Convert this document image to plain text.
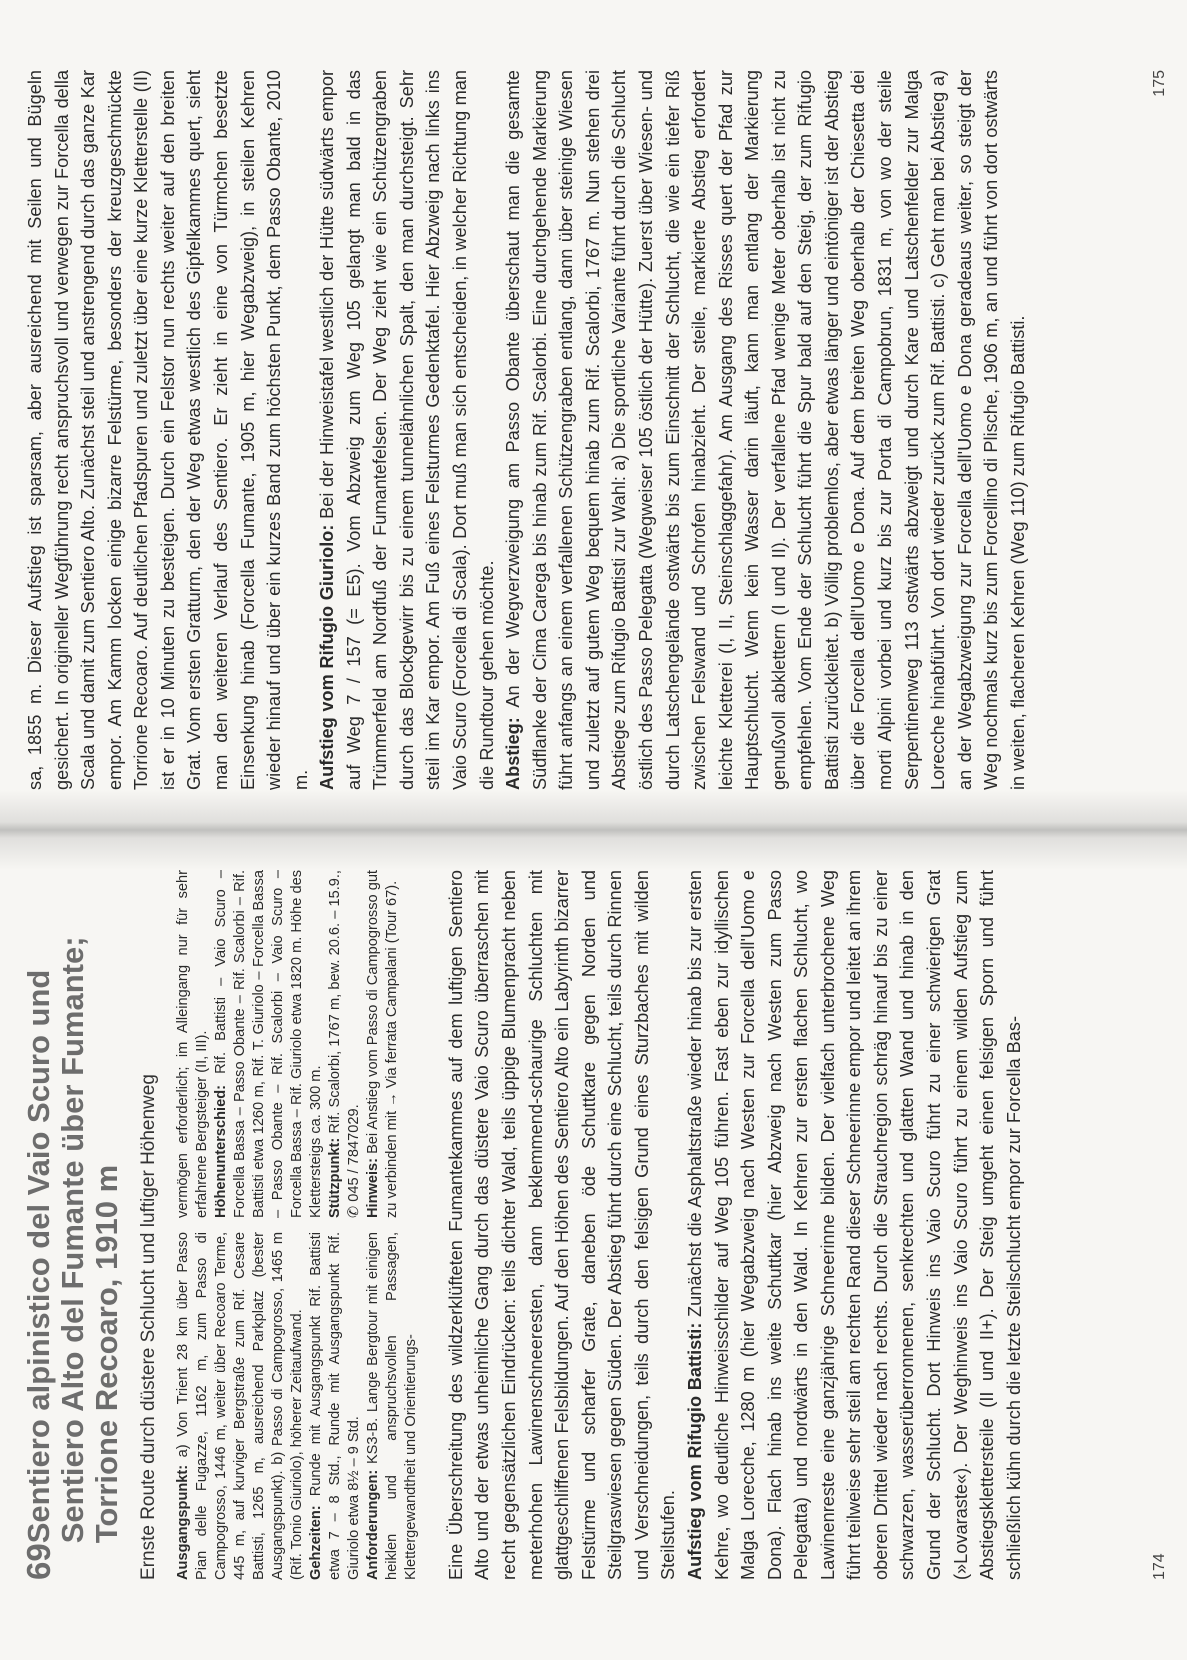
69
Sentiero alpinistico del Vaio Scuro und Sentiero Alto del Fumante über Fumante; Torrione Recoaro, 1910 m Ernste Route durch düstere Schlucht und luftiger Höhenweg Ausgangspunkt: a) Von Trient 28 km über Passo Pian delle Fugazze, 1162 m, zum Passo di Campogrosso, 1446 m, weiter über Recoaro Terme, 445 m, auf kurviger Bergstraße zum Rif. Cesare Battisti, 1265 m, ausreichend Parkplatz (bester Ausgangspunkt). b) Passo di Campogrosso, 1465 m (Rif. Tonio Giuriolo), höherer Zeitaufwand. Gehzeiten: Runde mit Ausgangspunkt Rif. Battisti etwa 7 – 8 Std., Runde mit Ausgangspunkt Rif. Giuriolo etwa 8½ – 9 Std. Anforderungen: KS3-B. Lange Bergtour mit einigen heiklen und anspruchsvollen Passagen, Klettergewandtheit und Orientierungs-

vermögen erforderlich; im Alleingang nur für sehr erfahrene Bergsteiger (II, III). Höhenunterschied: Rif. Battisti – Vaio Scuro – Forcella Bassa – Passo Obante – Rif. Scalorbi – Rif. Battisti etwa 1260 m, Rif. T. Giuriolo – Forcella Bassa – Passo Obante – Rif. Scalorbi – Vaio Scuro – Forcella Bassa – Rif. Giuriolo etwa 1820 m. Höhe des Klettersteigs ca. 300 m. Stützpunkt: Rif. Scalorbi, 1767 m, bew. 20.6. – 15.9., ✆ 045 / 7847029. Hinweis: Bei Anstieg vom Passo di Campogrosso gut zu verbinden mit → Via ferrata Campalani (Tour 67).	Eine Überschreitung des wildzerklüfteten Fumantekammes auf dem luftigen Sentiero Alto und der etwas unheimliche Gang durch das düstere Vaio Scuro überraschen mit recht gegensätzlichen Eindrücken: teils dichter Wald, teils üppige Blumenpracht neben meterhohen Lawinenschneeresten, dann beklemmend-schaurige Schluchten mit glattgeschliffenen Felsbildungen. Auf den Höhen des Sentiero Alto ein Labyrinth bizarrer Felstürme und scharfer Grate, daneben öde Schuttkare gegen Norden und Steilgraswiesen gegen Süden. Der Abstieg führt durch eine Schlucht, teils durch Rinnen und Verschneidungen, teils durch den felsigen Grund eines Sturzbaches mit wilden Steilstufen. Aufstieg vom Rifugio Battisti: Zunächst die Asphaltstraße wieder hinab bis zur ersten Kehre, wo deutliche Hinweisschilder auf Weg 105 führen. Fast eben zur idyllischen Malga Lorecche, 1280 m (hier Wegabzweig nach Westen zur Forcella dell'Uomo e Dona). Flach hinab ins weite Schuttkar (hier Abzweig nach Westen zum Passo Pelegatta) und nordwärts in den Wald. In Kehren zur ersten flachen Schlucht, wo Lawinenreste eine ganzjährige Schneerinne bilden. Der vielfach unterbrochene Weg führt teilweise sehr steil am rechten Rand dieser Schneerinne empor und leitet an ihrem oberen Drittel wieder nach rechts. Durch die Strauchregion schräg hinauf bis zu einer schwarzen, wasserüberronnenen, senkrechten und glatten Wand und hinab in den Grund der Schlucht. Dort Hinweis ins Vaio Scuro führt zu einer schwierigen Grat (»Lovaraste«). Der Weghinweis ins Vaio Scuro führt zu einem wilden Aufstieg zum Abstiegsklettersteile (II und II+). Der Steig umgeht einen felsigen Sporn und führt schließlich kühn durch die letzte Steilschlucht empor zur Forcella Bas-	174

sa, 1855 m. Dieser Aufstieg ist sparsam, aber ausreichend mit Seilen und Bügeln gesichert. In origineller Wegführung recht anspruchsvoll und verwegen zur Forcella della Scala und damit zum Sentiero Alto. Zunächst steil und anstrengend durch das ganze Kar empor. Am Kamm locken einige bizarre Felstürme, besonders der kreuzgeschmückte Torrione Recoaro. Auf deutlichen Pfadspuren und zuletzt über eine kurze Kletterstelle (II) ist er in 10 Minuten zu besteigen. Durch ein Felstor nun rechts weiter auf den breiten Grat. Vom ersten Gratturm, den der Weg etwas westlich des Gipfelkammes quert, sieht man den weiteren Verlauf des Sentiero. Er zieht in eine von Türmchen besetzte Einsenkung hinab (Forcella Fumante, 1905 m, hier Wegabzweig), in steilen Kehren wieder hinauf und über ein kurzes Band zum höchsten Punkt, dem Passo Obante, 2010 m. Aufstieg vom Rifugio Giuriolo: Bei der Hinweistafel westlich der Hütte südwärts empor auf Weg 7 / 157 (= E5). Vom Abzweig zum Weg 105 gelangt man bald in das Trümmerfeld am Nordfuß der Fumantefelsen. Der Weg zieht wie ein Schützengraben durch das Blockgewirr bis zu einem tunnelähnlichen Spalt, den man durchsteigt. Sehr steil im Kar empor. Am Fuß eines Felsturmes Gedenktafel. Hier Abzweig nach links ins Vaio Scuro (Forcella di Scala). Dort muß man sich entscheiden, in welcher Richtung man die Rundtour gehen möchte. Abstieg: An der Wegverzweigung am Passo Obante überschaut man die gesamte Südflanke der Cima Carega bis hinab zum Rif. Scalorbi. Eine durchgehende Markierung führt anfangs an einem verfallenen Schützengraben entlang, dann über steinige Wiesen und zuletzt auf gutem Weg bequem hinab zum Rif. Scalorbi, 1767 m. Nun stehen drei Abstiege zum Rifugio Battisti zur Wahl: a) Die sportliche Variante führt durch die Schlucht östlich des Passo Pelegatta (Wegweiser 105 östlich der Hütte). Zuerst über Wiesen- und durch Latschengelände ostwärts bis zum Einschnitt der Schlucht, die wie ein tiefer Riß zwischen Felswand und Schrofen hinabzieht. Der steile, markierte Abstieg erfordert leichte Kletterei (I, II, Steinschlaggefahr). Am Ausgang des Risses quert der Pfad zur Hauptschlucht. Wenn kein Wasser darin läuft, kann man entlang der Markierung genußvoll abklettern (I und II). Der verfallene Pfad wenige Meter oberhalb ist nicht zu empfehlen. Vom Ende der Schlucht führt die Spur bald auf den Steig, der zum Rifugio Battisti zurückleitet. b) Völlig problemlos, aber etwas länger und eintöniger ist der Abstieg über die Forcella dell'Uomo e Dona. Auf dem breiten Weg oberhalb der Chiesetta dei morti Alpini vorbei und kurz bis zur Porta di Campobrun, 1831 m, von wo der steile Serpentinenweg 113 ostwärts abzweigt und durch Kare und Latschenfelder zur Malga Lorecche hinabführt. Von dort wieder zurück zum Rif. Battisti. c) Geht man bei Abstieg a) an der Wegabzweigung zur Forcella dell'Uomo e Dona geradeaus weiter, so steigt der Weg nochmals kurz bis zum Forcellino di Plische, 1906 m, an und führt von dort ostwärts in weiten, flacheren Kehren (Weg 110) zum Rifugio Battisti.

175
